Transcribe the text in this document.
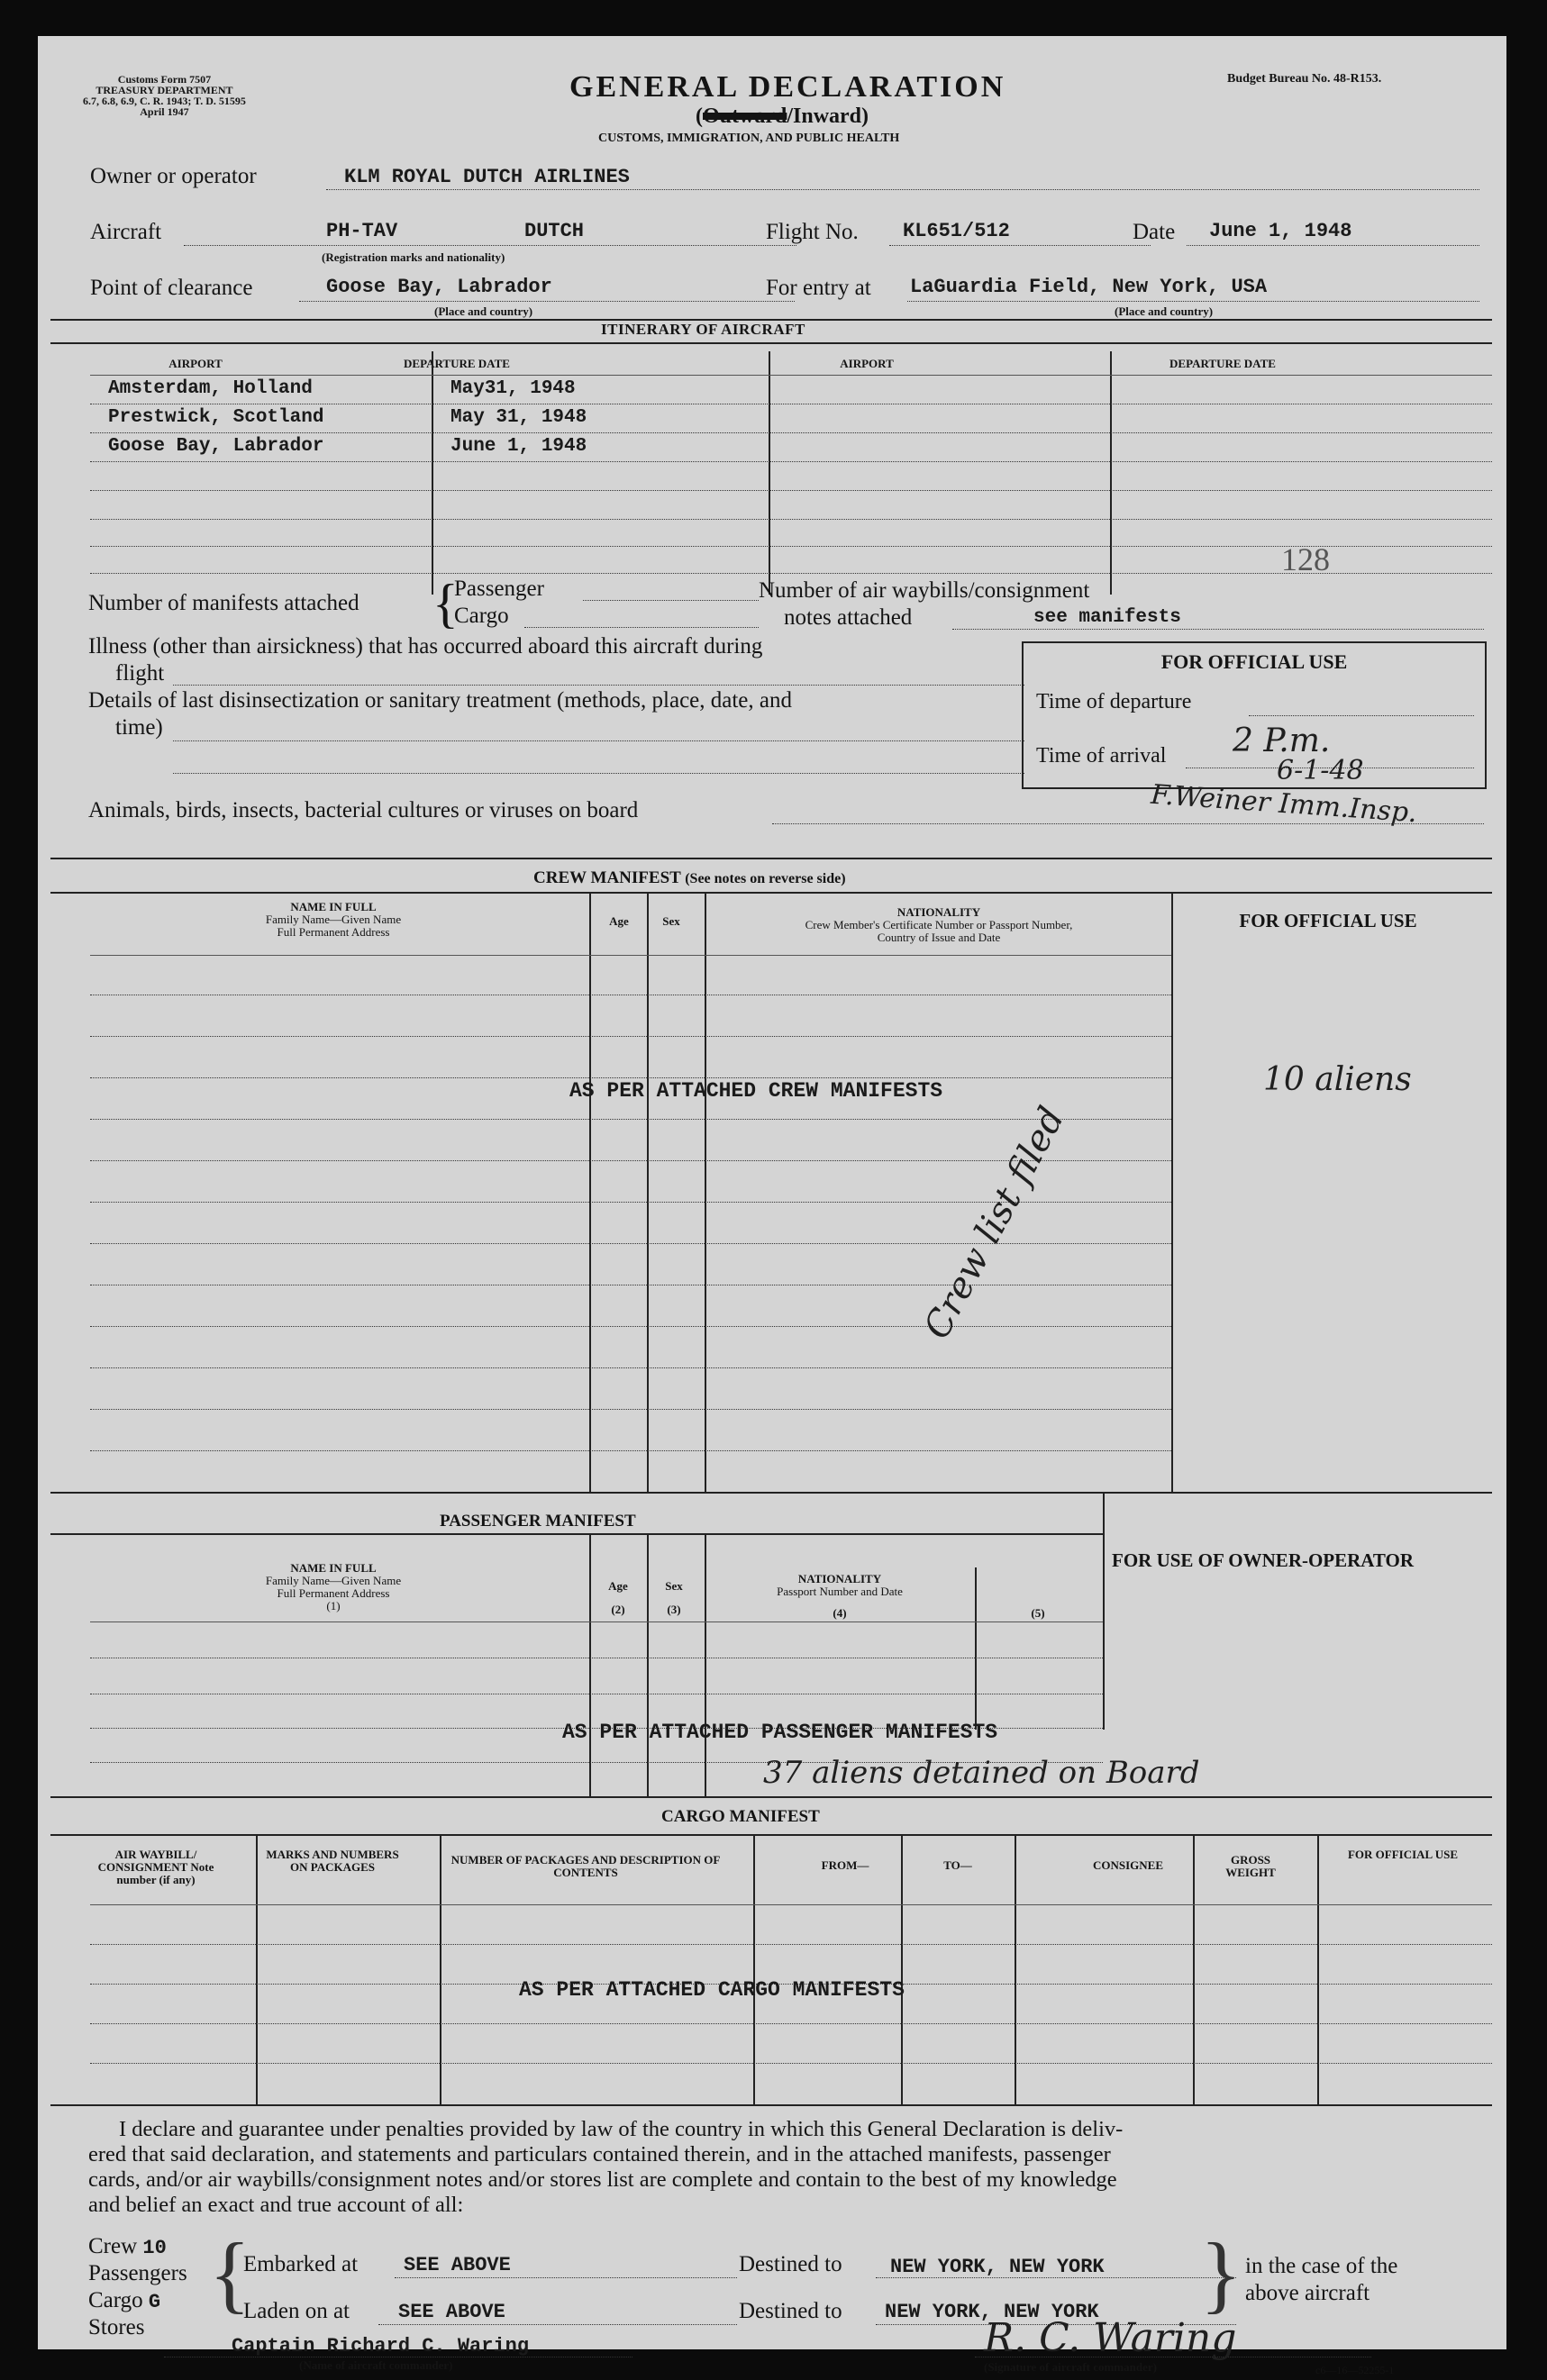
Customs Form 7507
TREASURY DEPARTMENT
6.7, 6.8, 6.9, C. R. 1943; T. D. 51595
April 1947
GENERAL DECLARATION
(Outward/Inward)
CUSTOMS, IMMIGRATION, AND PUBLIC HEALTH
Budget Bureau No. 48-R153.
Owner or operator	KLM ROYAL DUTCH AIRLINES
Aircraft	PH-TAV	DUTCH
(Registration marks and nationality)
Flight No. KL651/512	Date June 1, 1948
Point of clearance	Goose Bay, Labrador
(Place and country)
For entry at LaGuardia Field, New York, USA
(Place and country)
ITINERARY OF AIRCRAFT
AIRPORT	DEPARTURE DATE	AIRPORT	DEPARTURE DATE
Amsterdam, Holland	May31, 1948
Prestwick, Scotland	May 31, 1948
Goose Bay, Labrador	June 1, 1948
Number of manifests attached {
Passenger
Cargo
128
Number of air waybills/consignment
notes attached	see manifests
Illness (other than airsickness) that has occurred aboard this aircraft during
flight
Details of last disinsectization or sanitary treatment (methods, place, date, and
time)
FOR OFFICIAL USE
Time of departure
Time of arrival 2 P.m.
6-1-48
F.Weiner Imm.Insp.
Animals, birds, insects, bacterial cultures or viruses on board
CREW MANIFEST (See notes on reverse side)
NAME IN FULL
Family Name—Given Name
Full Permanent Address
Age	Sex
NATIONALITY
Crew Member's Certificate Number or Passport Number,
Country of Issue and Date
FOR OFFICIAL USE
AS PER ATTACHED CREW MANIFESTS	10 aliens
Crew list filed
PASSENGER MANIFEST
NAME IN FULL
Family Name—Given Name
Full Permanent Address
(1)
Age
(2)
Sex
(3)
NATIONALITY
Passport Number and Date
(4)	(5)
FOR USE OF OWNER-OPERATOR
AS PER ATTACHED PASSENGER MANIFESTS
37 aliens detained on Board
CARGO MANIFEST
AIR WAYBILL/ CONSIGNMENT Note number (if any)
MARKS AND NUMBERS ON PACKAGES
NUMBER OF PACKAGES AND DESCRIPTION OF CONTENTS
FROM—	TO—	CONSIGNEE	GROSS WEIGHT
FOR OFFICIAL USE
AS PER ATTACHED CARGO MANIFESTS
I declare and guarantee under penalties provided by law of the country in which this General Declaration is deliv-
ered that said declaration, and statements and particulars contained therein, and in the attached manifests, passenger
cards, and/or air waybills/consignment notes and/or stores list are complete and contain to the best of my knowledge
and belief an exact and true account of all:
Crew 10
Passengers
Cargo G
Stores
{
Embarked at SEE ABOVE
Laden on at SEE ABOVE
Destined to NEW YORK, NEW YORK
Destined to NEW YORK, NEW YORK } in the case of the
above aircraft
Captain Richard C. Waring
(Name of aircraft commander)
R. C. Waring
(Signature of aircraft commander)	c6—16—52255-1
